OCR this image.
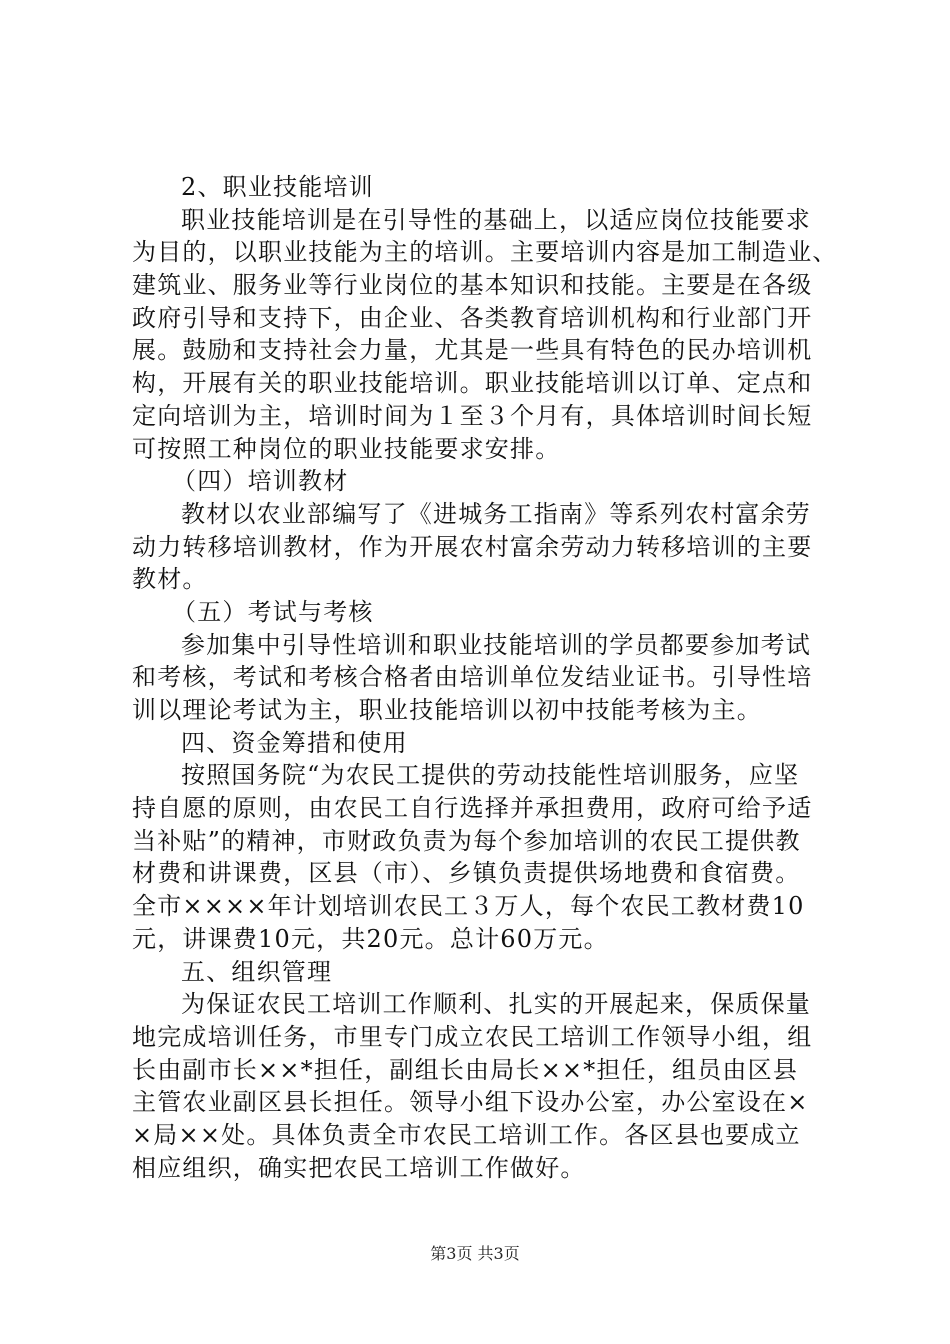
2、职业技能培训
职业技能培训是在引导性的基础上，以适应岗位技能要求
为目的，以职业技能为主的培训。主要培训内容是加工制造业、
建筑业、服务业等行业岗位的基本知识和技能。主要是在各级
政府引导和支持下，由企业、各类教育培训机构和行业部门开
展。鼓励和支持社会力量，尤其是一些具有特色的民办培训机
构，开展有关的职业技能培训。职业技能培训以订单、定点和
定向培训为主，培训时间为１至３个月有，具体培训时间长短
可按照工种岗位的职业技能要求安排。
（四）培训教材
教材以农业部编写了《进城务工指南》等系列农村富余劳
动力转移培训教材，作为开展农村富余劳动力转移培训的主要
教材。
（五）考试与考核
参加集中引导性培训和职业技能培训的学员都要参加考试
和考核，考试和考核合格者由培训单位发结业证书。引导性培
训以理论考试为主，职业技能培训以初中技能考核为主。
四、资金筹措和使用
按照国务院“为农民工提供的劳动技能性培训服务，应坚
持自愿的原则，由农民工自行选择并承担费用，政府可给予适
当补贴”的精神，市财政负责为每个参加培训的农民工提供教
材费和讲课费，区县（市）、乡镇负责提供场地费和食宿费。
全市××××年计划培训农民工３万人，每个农民工教材费10
元，讲课费10元，共20元。总计60万元。
五、组织管理
为保证农民工培训工作顺利、扎实的开展起来，保质保量
地完成培训任务，市里专门成立农民工培训工作领导小组，组
长由副市长××*担任，副组长由局长××*担任，组员由区县
主管农业副区县长担任。领导小组下设办公室，办公室设在×
×局××处。具体负责全市农民工培训工作。各区县也要成立
相应组织，确实把农民工培训工作做好。
第3页 共3页
